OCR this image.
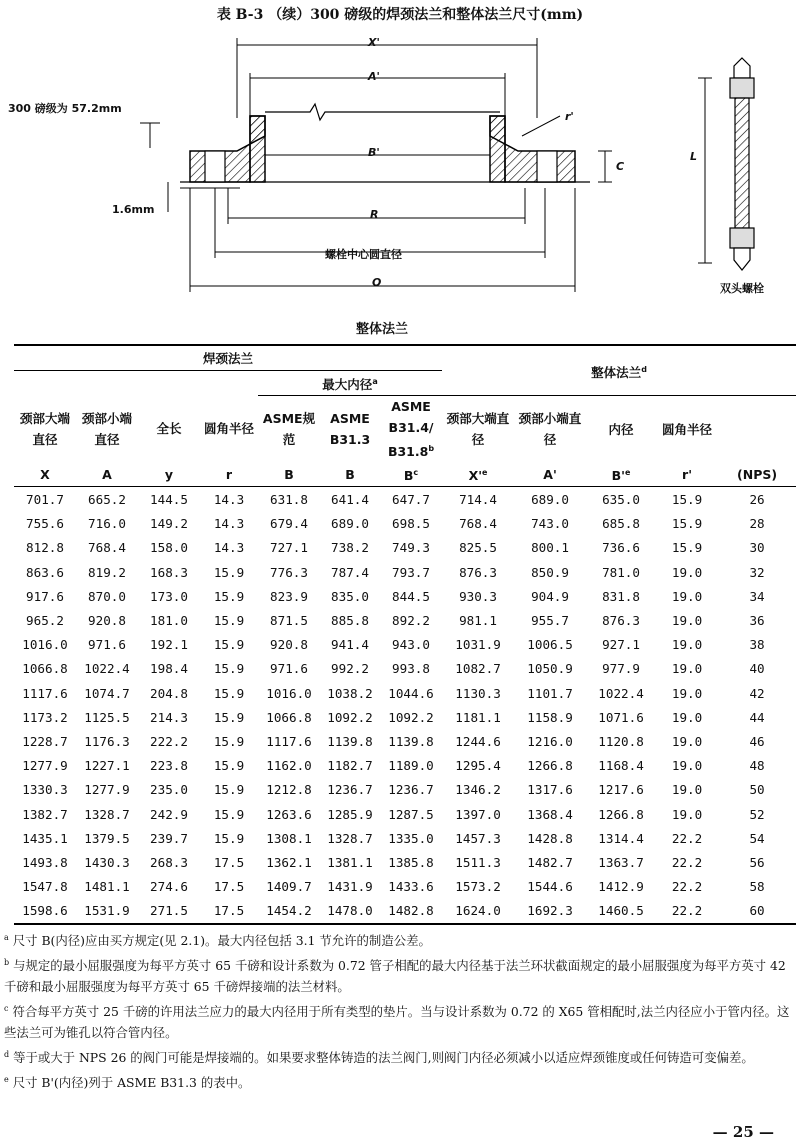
表 B-3 （续）300 磅级的焊颈法兰和整体法兰尺寸(mm)
300 磅级为 57.2mm
1.6mm
X'
A'
B'
r'
C
R
O
L
螺栓中心圆直径
整体法兰
双头螺栓
焊颈法兰							整体法兰$^d$
				最大内径$^a$
颈部大端直径	颈部小端直径	全长	圆角半径	ASME规范	ASME B31.3	ASME B31.4/ B31.8$^b$	颈部大端直径	颈部小端直径	内径	圆角半径	
X	A	y	r	B	B	$B^c$	$X'^e$	A'	$B'^e$	r'	(NPS)
701.7	665.2	144.5	14.3	631.8	641.4	647.7	714.4	689.0	635.0	15.9	26
755.6	716.0	149.2	14.3	679.4	689.0	698.5	768.4	743.0	685.8	15.9	28
812.8	768.4	158.0	14.3	727.1	738.2	749.3	825.5	800.1	736.6	15.9	30
863.6	819.2	168.3	15.9	776.3	787.4	793.7	876.3	850.9	781.0	19.0	32
917.6	870.0	173.0	15.9	823.9	835.0	844.5	930.3	904.9	831.8	19.0	34
965.2	920.8	181.0	15.9	871.5	885.8	892.2	981.1	955.7	876.3	19.0	36
1016.0	971.6	192.1	15.9	920.8	941.4	943.0	1031.9	1006.5	927.1	19.0	38
1066.8	1022.4	198.4	15.9	971.6	992.2	993.8	1082.7	1050.9	977.9	19.0	40
1117.6	1074.7	204.8	15.9	1016.0	1038.2	1044.6	1130.3	1101.7	1022.4	19.0	42
1173.2	1125.5	214.3	15.9	1066.8	1092.2	1092.2	1181.1	1158.9	1071.6	19.0	44
1228.7	1176.3	222.2	15.9	1117.6	1139.8	1139.8	1244.6	1216.0	1120.8	19.0	46
1277.9	1227.1	223.8	15.9	1162.0	1182.7	1189.0	1295.4	1266.8	1168.4	19.0	48
1330.3	1277.9	235.0	15.9	1212.8	1236.7	1236.7	1346.2	1317.6	1217.6	19.0	50
1382.7	1328.7	242.9	15.9	1263.6	1285.9	1287.5	1397.0	1368.4	1266.8	19.0	52
1435.1	1379.5	239.7	15.9	1308.1	1328.7	1335.0	1457.3	1428.8	1314.4	22.2	54
1493.8	1430.3	268.3	17.5	1362.1	1381.1	1385.8	1511.3	1482.7	1363.7	22.2	56
1547.8	1481.1	274.6	17.5	1409.7	1431.9	1433.6	1573.2	1544.6	1412.9	22.2	58
1598.6	1531.9	271.5	17.5	1454.2	1478.0	1482.8	1624.0	1692.3	1460.5	22.2	60

$^a$ 尺寸 B(内径)应由买方规定(见 2.1)。最大内径包括 3.1 节允许的制造公差。

$^b$ 与规定的最小屈服强度为每平方英寸 65 千磅和设计系数为 0.72 管子相配的最大内径基于法兰环状截面规定的最小屈服强度为每平方英寸 42 千磅和最小屈服强度为每平方英寸 65 千磅焊接端的法兰材料。

$^c$ 符合每平方英寸 25 千磅的许用法兰应力的最大内径用于所有类型的垫片。当与设计系数为 0.72 的 X65 管相配时,法兰内径应小于管内径。这些法兰可为锥孔以符合管内径。

$^d$ 等于或大于 NPS 26 的阀门可能是焊接端的。如果要求整体铸造的法兰阀门,则阀门内径必须减小以适应焊颈锥度或任何铸造可变偏差。

$^e$ 尺寸 B'(内径)列于 ASME B31.3 的表中。

— 25 —
